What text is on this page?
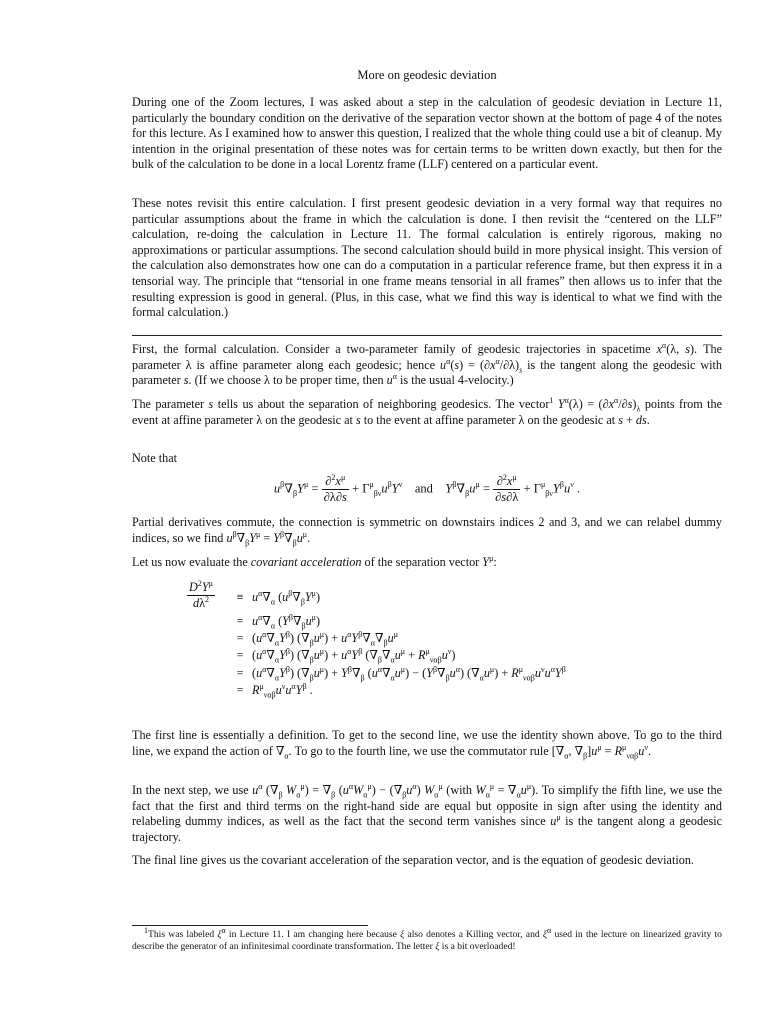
More on geodesic deviation

During one of the Zoom lectures, I was asked about a step in the calculation of geodesic deviation in Lecture 11, particularly the boundary condition on the derivative of the separation vector shown at the bottom of page 4 of the notes for this lecture. As I examined how to answer this question, I realized that the whole thing could use a bit of cleanup. My intention in the original presentation of these notes was for certain terms to be written down exactly, but then for the bulk of the calculation to be done in a local Lorentz frame (LLF) centered on a particular event.

These notes revisit this entire calculation. I first present geodesic deviation in a very formal way that requires no particular assumptions about the frame in which the calculation is done. I then revisit the “centered on the LLF” calculation, re-doing the calculation in Lecture 11. The formal calculation is entirely rigorous, making no approximations or particular assumptions. The second calculation should build in more physical insight. This version of the calculation also demonstrates how one can do a computation in a particular reference frame, but then express it in a tensorial way. The principle that “tensorial in one frame means tensorial in all frames” then allows us to infer that the resulting expression is good in general. (Plus, in this case, what we find this way is identical to what we find with the formal calculation.)

First, the formal calculation. Consider a two-parameter family of geodesic trajectories in spacetime $x^\alpha(\lambda$, s). The parameter λ is affine parameter along each geodesic; hence $u^\alpha(s) = (\partial x^\alpha/\partial\lambda)_s$ is the tangent along the geodesic with parameter s. (If we choose λ to be proper time, then $u^\alpha$ is the usual 4-velocity.)

The parameter s tells us about the separation of neighboring geodesics. The vector$^1$ $Y^\alpha(\lambda) = (\partial x^\alpha/\partial s)_\lambda$ points from the event at affine parameter λ on the geodesic at s to the event at affine parameter λ on the geodesic at s + ds.

Note that

$u^\beta\nabla_\beta Y^\mu = \frac{\partial^2x^\mu}{\partial\lambda\partial s} + \Gamma^\mu_{\beta\nu}u^\beta Y^\nu$ and $Y^\beta\nabla_\beta u^\mu = \frac{\partial^2x^\mu}{\partial s\partial\lambda} + \Gamma^\mu_{\beta\nu}Y^\beta u^\nu$ .

Partial derivatives commute, the connection is symmetric on downstairs indices 2 and 3, and we can relabel dummy indices, so we find $u^\beta\nabla_\beta Y^\mu = Y^\beta\nabla_\beta u^\mu$.

Let us now evaluate the covariant acceleration of the separation vector $Y^\mu$:

$\frac{D^2Y^\mu}{d\lambda^2} \equiv u^\alpha\nabla_\alpha$ $(u^\beta\nabla_\beta Y^\mu)$
= $u^\alpha\nabla_\alpha$ $(Y^\beta\nabla_\beta u^\mu)$
= $(u^\alpha\nabla_\alpha Y^\beta) (\nabla_\beta u^\mu) + u^\alpha Y^\beta\nabla_\alpha\nabla_\beta u^\mu$
= $(u^\alpha\nabla_\alpha Y^\beta) (\nabla_\beta u^\mu) + u^\alpha Y^\beta$ $(\nabla_\beta\nabla_\alpha u^\mu + R^\mu_{\nu\alpha\beta}u^\nu)$
= $(u^\alpha\nabla_\alpha Y^\beta) (\nabla_\beta u^\mu) + Y^\beta\nabla_\beta$ $(u^\alpha\nabla_\alpha u^\mu) - (Y^\beta\nabla_\beta u^\alpha) (\nabla_\alpha u^\mu) + R^\mu_{\nu\alpha\beta}u^\nu u^\alpha Y^\beta$
= $R^\mu_{\nu\alpha\beta}u^\nu u^\alpha Y^\beta$ .

The first line is essentially a definition. To get to the second line, we use the identity shown above. To go to the third line, we expand the action of $\nabla_\alpha$. To go to the fourth line, we use the commutator rule [$\nabla_\alpha$, $\nabla_\beta]u^\mu = R^\mu_{\nu\alpha\beta}u^\nu$.

In the next step, we use $u^\alpha$ ($\nabla_\beta$ $W_\alpha^\mu) = \nabla_\beta$ $(u^\alpha W_\alpha^\mu) - (\nabla_\beta u^\alpha)$ $W_\alpha^\mu$ (with $W_\alpha^\mu = \nabla_\alpha u^\mu$). To simplify the fifth line, we use the fact that the first and third terms on the right-hand side are equal but opposite in sign after using the identity and relabeling dummy indices, as well as the fact that the second term vanishes since $u^\mu$ is the tangent along a geodesic trajectory.

The final line gives us the covariant acceleration of the separation vector, and is the equation of geodesic deviation.

$^1$This was labeled $\xi^\alpha$ in Lecture 11. I am changing here because ξ also denotes a Killing vector, and $\xi^\alpha$ used in the lecture on linearized gravity to describe the generator of an infinitesimal coordinate transformation. The letter ξ is a bit overloaded!
